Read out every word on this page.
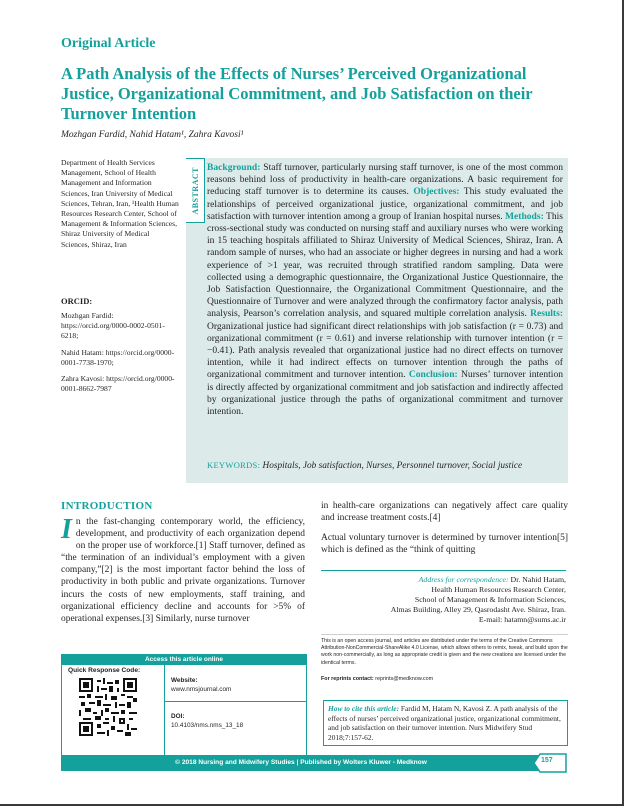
Original Article
A Path Analysis of the Effects of Nurses’ Perceived Organizational Justice, Organizational Commitment, and Job Satisfaction on their Turnover Intention
Mozhgan Fardid, Nahid Hatam¹, Zahra Kavosi¹
Department of Health Services Management, School of Health Management and Information Sciences, Iran University of Medical Sciences, Tehran, Iran, ¹Health Human Resources Research Center, School of Management & Information Sciences, Shiraz University of Medical Sciences, Shiraz, Iran
ORCID:

Mozhgan Fardid: https://orcid.org/0000-0002-0501-6218;

Nahid Hatam: https://orcid.org/0000-0001-7738-1970;

Zahra Kavosi: https://orcid.org/0000-0001-8662-7987

ABSTRACT Background: Staff turnover, particularly nursing staff turnover, is one of the most common reasons behind loss of productivity in health-care organizations. A basic requirement for reducing staff turnover is to determine its causes. Objectives: This study evaluated the relationships of perceived organizational justice, organizational commitment, and job satisfaction with turnover intention among a group of Iranian hospital nurses. Methods: This cross-sectional study was conducted on nursing staff and auxiliary nurses who were working in 15 teaching hospitals affiliated to Shiraz University of Medical Sciences, Shiraz, Iran. A random sample of nurses, who had an associate or higher degrees in nursing and had a work experience of >1 year, was recruited through stratified random sampling. Data were collected using a demographic questionnaire, the Organizational Justice Questionnaire, the Job Satisfaction Questionnaire, the Organizational Commitment Questionnaire, and the Questionnaire of Turnover and were analyzed through the confirmatory factor analysis, path analysis, Pearson’s correlation analysis, and squared multiple correlation analysis. Results: Organizational justice had significant direct relationships with job satisfaction (r = 0.73) and organizational commitment (r = 0.61) and inverse relationship with turnover intention (r = −0.41). Path analysis revealed that organizational justice had no direct effects on turnover intention, while it had indirect effects on turnover intention through the paths of organizational commitment and turnover intention. Conclusion: Nurses’ turnover intention is directly affected by organizational commitment and job satisfaction and indirectly affected by organizational justice through the paths of organizational commitment and turnover intention.
KEYWORDS: Hospitals, Job satisfaction, Nurses, Personnel turnover, Social justice
INTRODUCTION
In the fast-changing contemporary world, the efficiency, development, and productivity of each organization depend on the proper use of workforce.[1] Staff turnover, defined as “the termination of an individual’s employment with a given company,”[2] is the most important factor behind the loss of productivity in both public and private organizations. Turnover incurs the costs of new employments, staff training, and organizational efficiency decline and accounts for >5% of operational expenses.[3] Similarly, nurse turnover

in health-care organizations can negatively affect care quality and increase treatment costs.[4]

Actual voluntary turnover is determined by turnover intention[5] which is defined as the “think of quitting

Address for correspondence: Dr. Nahid Hatam,
Health Human Resources Research Center,
School of Management & Information Sciences,
Almas Building, Alley 29, Qasrodasht Ave. Shiraz, Iran.
E-mail: hatamn@sums.ac.ir
This is an open access journal, and articles are distributed under the terms of the Creative Commons Attribution-NonCommercial-ShareAlike 4.0 License, which allows others to remix, tweak, and build upon the work non-commercially, as long as appropriate credit is given and the new creations are licensed under the identical terms.
For reprints contact: reprints@medknow.com
How to cite this article: Fardid M, Hatam N, Kavosi Z. A path analysis of the effects of nurses’ perceived organizational justice, organizational commitment, and job satisfaction on their turnover intention. Nurs Midwifery Stud 2018;7:157-62.
Access this article online
Quick Response Code:
Website:
www.nmsjournal.com
DOI:
10.4103/nms.nms_13_18
© 2018 Nursing and Midwifery Studies | Published by Wolters Kluwer - Medknow	157
